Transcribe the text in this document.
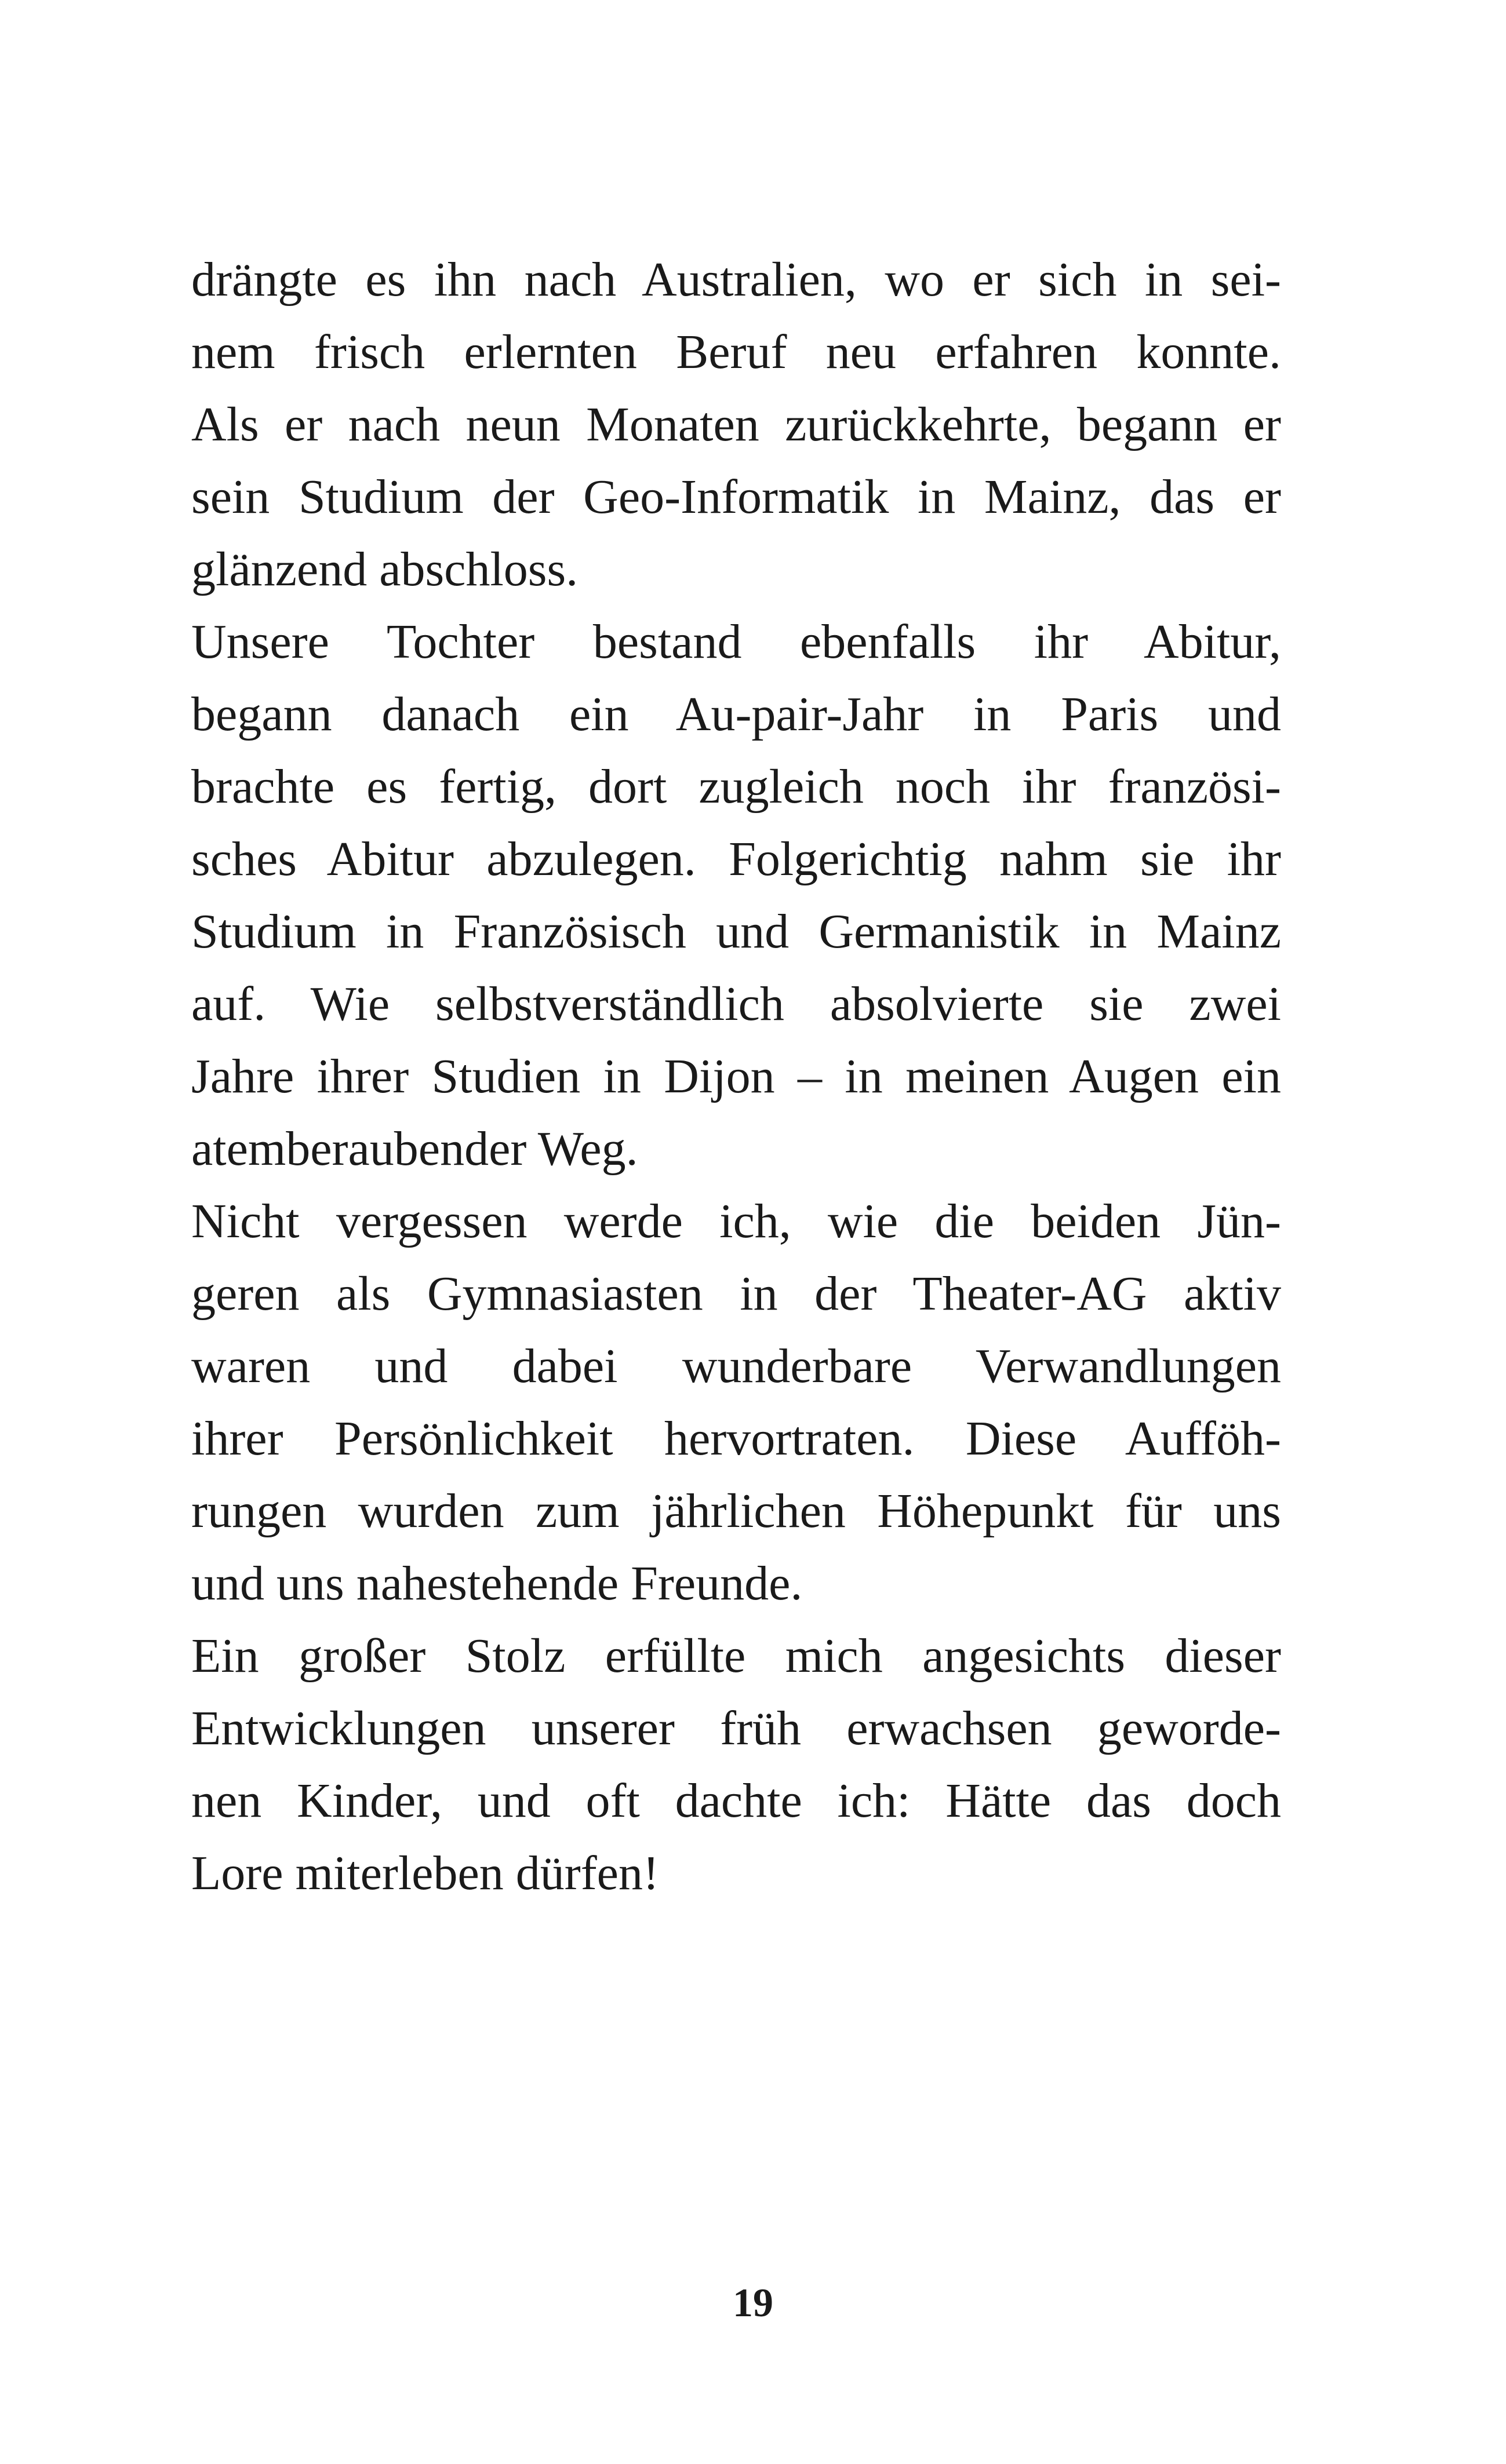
drängte es ihn nach Australien, wo er sich in sei-
nem frisch erlernten Beruf neu erfahren konnte.
Als er nach neun Monaten zurückkehrte, begann er
sein Studium der Geo-Informatik in Mainz, das er
glänzend abschloss.
Unsere Tochter bestand ebenfalls ihr Abitur,
begann danach ein Au-pair-Jahr in Paris und
brachte es fertig, dort zugleich noch ihr französi-
sches Abitur abzulegen. Folgerichtig nahm sie ihr
Studium in Französisch und Germanistik in Mainz
auf. Wie selbstverständlich absolvierte sie zwei
Jahre ihrer Studien in Dijon – in meinen Augen ein
atemberaubender Weg.
Nicht vergessen werde ich, wie die beiden Jün-
geren als Gymnasiasten in der Theater-AG aktiv
waren und dabei wunderbare Verwandlungen
ihrer Persönlichkeit hervortraten. Diese Aufföh-
rungen wurden zum jährlichen Höhepunkt für uns
und uns nahestehende Freunde.
Ein großer Stolz erfüllte mich angesichts dieser
Entwicklungen unserer früh erwachsen geworde-
nen Kinder, und oft dachte ich: Hätte das doch
Lore miterleben dürfen!
19
